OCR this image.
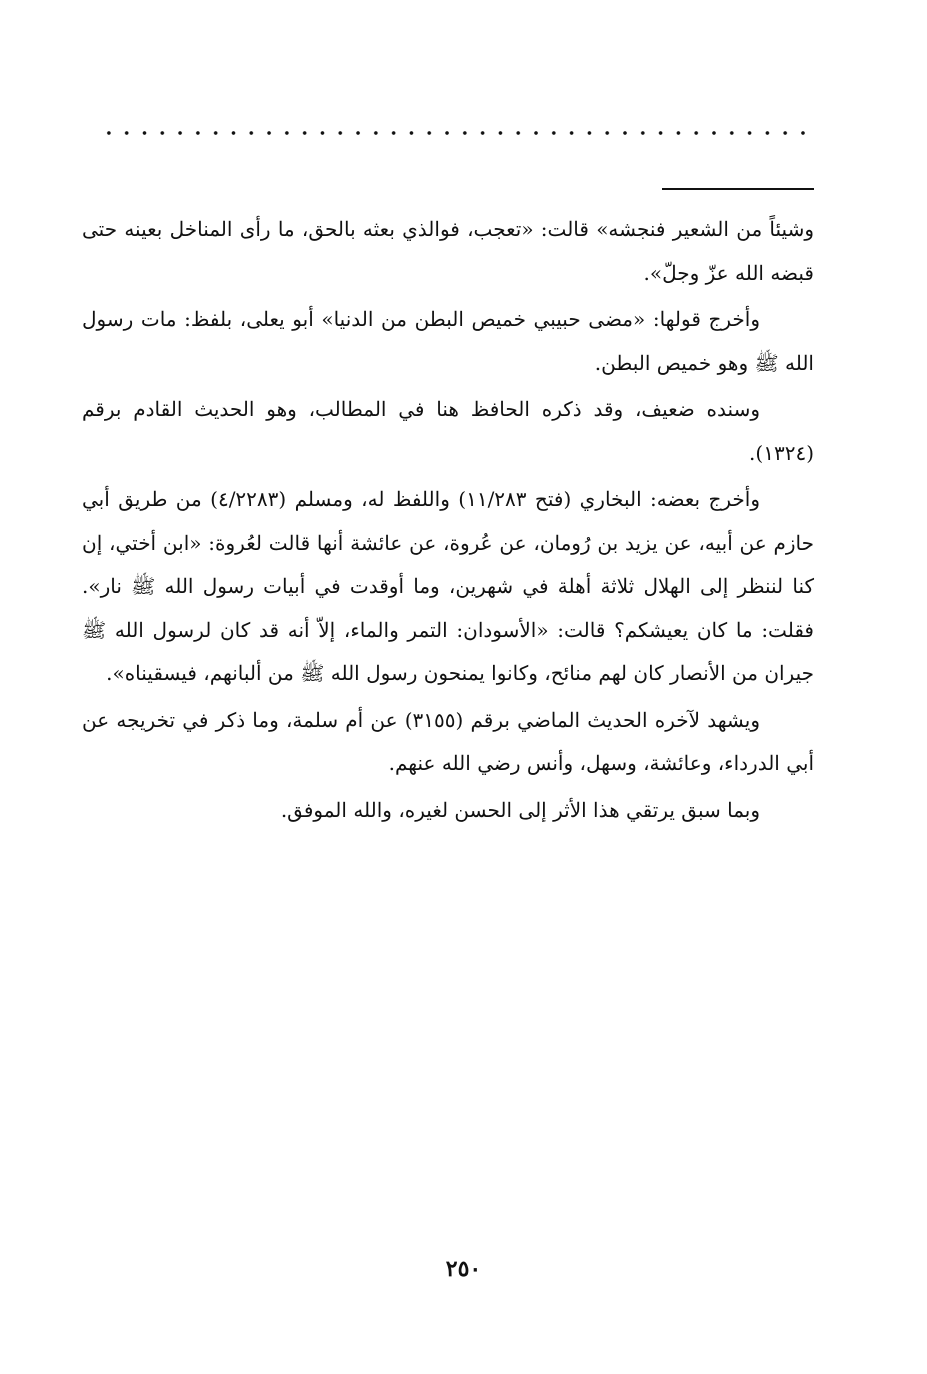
وشيئاً من الشعير فنجشه» قالت: «تعجب، فوالذي بعثه بالحق، ما رأى المناخل بعينه حتى قبضه الله عزّ وجلّ».

وأخرج قولها: «مضى حبيبي خميص البطن من الدنيا» أبو يعلى، بلفظ: مات رسول الله ﷺ وهو خميص البطن.

وسنده ضعيف، وقد ذكره الحافظ هنا في المطالب، وهو الحديث القادم برقم (١٣٢٤).

وأخرج بعضه: البخاري (فتح ١١/٢٨٣) واللفظ له، ومسلم (٤/٢٢٨٣) من طريق أبي حازم عن أبيه، عن يزيد بن رُومان، عن عُروة، عن عائشة أنها قالت لعُروة: «ابن أختي، إن كنا لننظر إلى الهلال ثلاثة أهلة في شهرين، وما أوقدت في أبيات رسول الله ﷺ نار». فقلت: ما كان يعيشكم؟ قالت: «الأسودان: التمر والماء، إلاّ أنه قد كان لرسول الله ﷺ جيران من الأنصار كان لهم منائح، وكانوا يمنحون رسول الله ﷺ من ألبانهم، فيسقيناه».

ويشهد لآخره الحديث الماضي برقم (٣١٥٥) عن أم سلمة، وما ذكر في تخريجه عن أبي الدرداء، وعائشة، وسهل، وأنس رضي الله عنهم.

وبما سبق يرتقي هذا الأثر إلى الحسن لغيره، والله الموفق.

٢٥٠
